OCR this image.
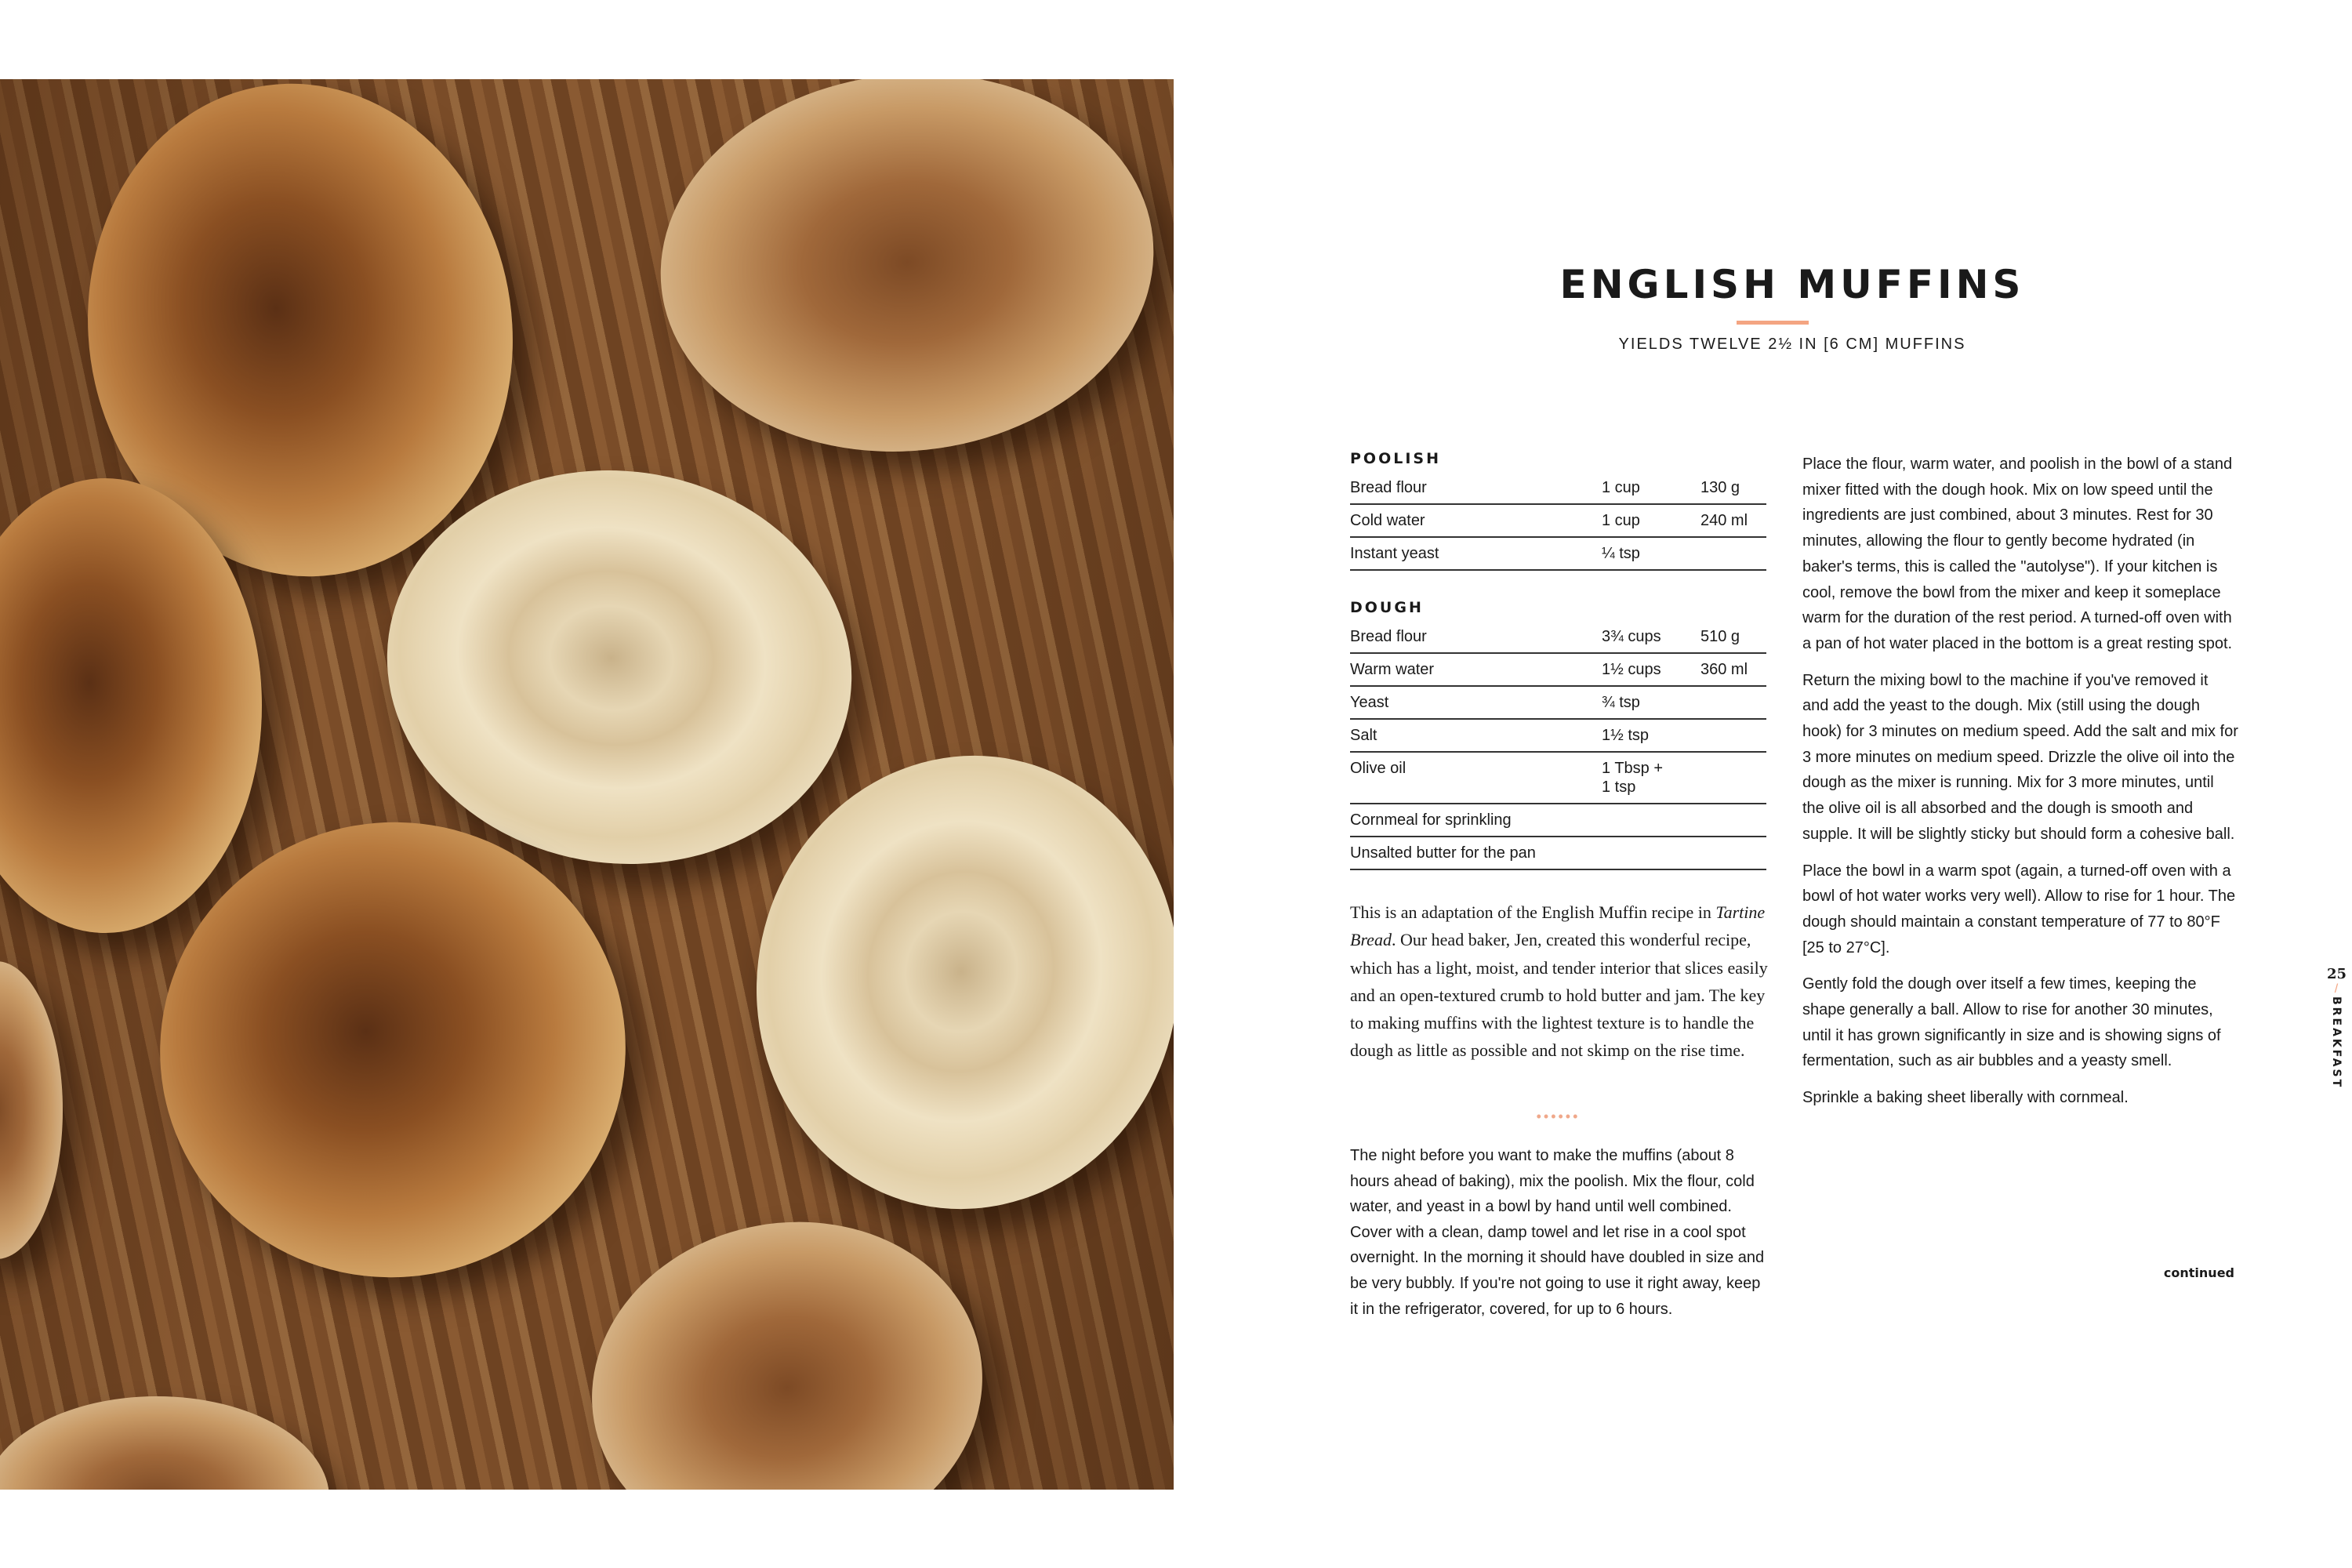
ENGLISH MUFFINS
YIELDS TWELVE 2½ IN [6 CM] MUFFINS
POOLISH
Bread flour	1 cup	130 g
Cold water	1 cup	240 ml
Instant yeast	¼ tsp
DOUGH
Bread flour	3¾ cups	510 g
Warm water	1½ cups	360 ml
Yeast	¾ tsp
Salt	1½ tsp
Olive oil	1 Tbsp +
1 tsp
Cornmeal for sprinkling
Unsalted butter for the pan
This is an adaptation of the English Muffin recipe in Tartine Bread. Our head baker, Jen, created this wonderful recipe, which has a light, moist, and tender interior that slices easily and an open-textured crumb to hold butter and jam. The key to making muffins with the lightest texture is to handle the dough as little as possible and not skimp on the rise time.
••••••
The night before you want to make the muffins (about 8 hours ahead of baking), mix the poolish. Mix the flour, cold water, and yeast in a bowl by hand until well combined. Cover with a clean, damp towel and let rise in a cool spot overnight. In the morning it should have doubled in size and be very bubbly. If you're not going to use it right away, keep it in the refrigerator, covered, for up to 6 hours.

Place the flour, warm water, and poolish in the bowl of a stand mixer fitted with the dough hook. Mix on low speed until the ingredients are just combined, about 3 minutes. Rest for 30 minutes, allowing the flour to gently become hydrated (in baker's terms, this is called the "autolyse"). If your kitchen is cool, remove the bowl from the mixer and keep it someplace warm for the duration of the rest period. A turned-off oven with a pan of hot water placed in the bottom is a great resting spot.

Return the mixing bowl to the machine if you've removed it and add the yeast to the dough. Mix (still using the dough hook) for 3 minutes on medium speed. Add the salt and mix for 3 more minutes on medium speed. Drizzle the olive oil into the dough as the mixer is running. Mix for 3 more minutes, until the olive oil is all absorbed and the dough is smooth and supple. It will be slightly sticky but should form a cohesive ball.

Place the bowl in a warm spot (again, a turned-off oven with a bowl of hot water works very well). Allow to rise for 1 hour. The dough should maintain a constant temperature of 77 to 80°F [25 to 27°C].

Gently fold the dough over itself a few times, keeping the shape generally a ball. Allow to rise for another 30 minutes, until it has grown significantly in size and is showing signs of fermentation, such as air bubbles and a yeasty smell.

Sprinkle a baking sheet liberally with cornmeal.

continued
25
/
BREAKFAST
